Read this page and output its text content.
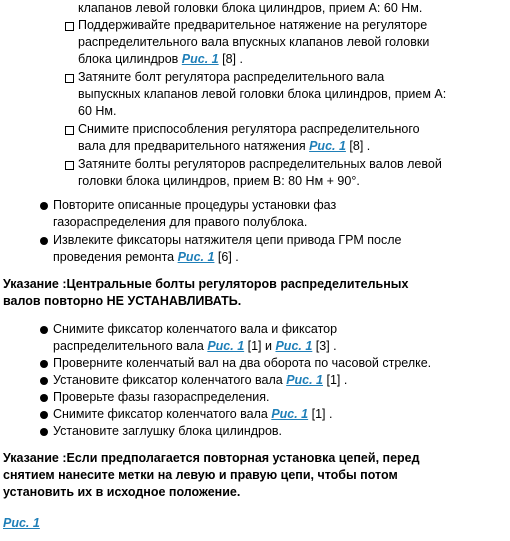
клапанов левой головки блока цилиндров, прием А: 60 Нм.
Поддерживайте предварительное натяжение на регуляторе
распределительного вала впускных клапанов левой головки
блока цилиндров Рис. 1 [8] .
Затяните болт регулятора распределительного вала
выпускных клапанов левой головки блока цилиндров, прием А:
60 Нм.
Снимите приспособления регулятора распределительного
вала для предварительного натяжения Рис. 1 [8] .
Затяните болты регуляторов распределительных валов левой
головки блока цилиндров, прием В: 80 Нм + 90°.
Повторите описанные процедуры установки фаз
газораспределения для правого полублока.
Извлеките фиксаторы натяжителя цепи привода ГРМ после
проведения ремонта Рис. 1 [6] .
Указание :Центральные болты регуляторов распределительных
валов повторно НЕ УСТАНАВЛИВАТЬ.
Снимите фиксатор коленчатого вала и фиксатор
распределительного вала Рис. 1 [1] и Рис. 1 [3] .
Проверните коленчатый вал на два оборота по часовой стрелке.
Установите фиксатор коленчатого вала Рис. 1 [1] .
Проверьте фазы газораспределения.
Снимите фиксатор коленчатого вала Рис. 1 [1] .
Установите заглушку блока цилиндров.
Указание :Если предполагается повторная установка цепей, перед
снятием нанесите метки на левую и правую цепи, чтобы потом
установить их в исходное положение.
Рис. 1
